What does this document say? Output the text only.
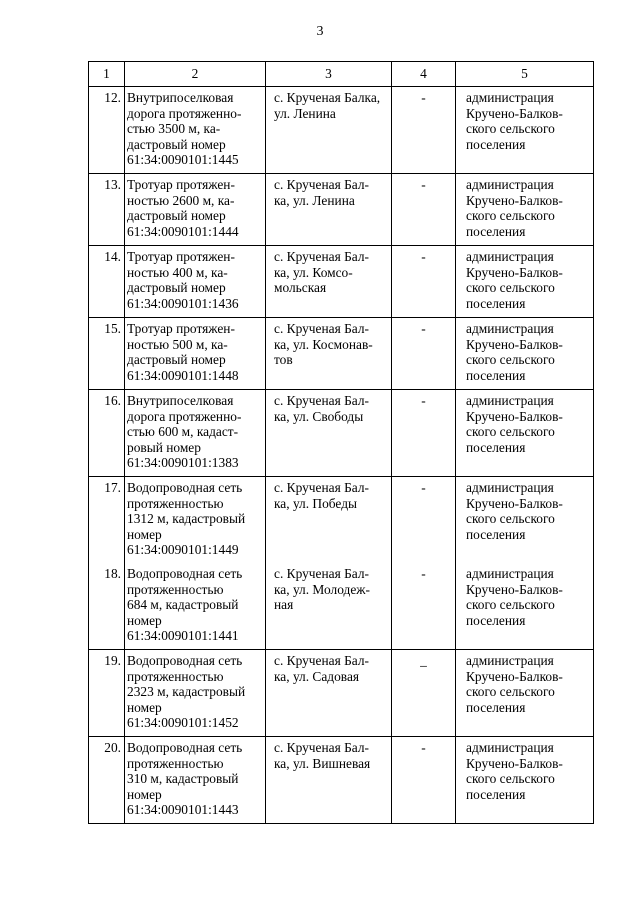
3
1	2	3	4	5
12.	Внутрипоселковая
дорога протяженно-
стью 3500 м, ка-
дастровый номер
61:34:0090101:1445	с. Крученая Балка,
ул. Ленина	-	администрация
Кручено-Балков-
ского сельского
поселения

13.	Тротуар протяжен-
ностью 2600 м, ка-
дастровый номер
61:34:0090101:1444	с. Крученая Бал-
ка, ул. Ленина	-	администрация
Кручено-Балков-
ского сельского
поселения

14.	Тротуар протяжен-
ностью 400 м, ка-
дастровый номер
61:34:0090101:1436	с. Крученая Бал-
ка, ул. Комсо-
мольская	-	администрация
Кручено-Балков-
ского сельского
поселения

15.	Тротуар протяжен-
ностью 500 м, ка-
дастровый номер
61:34:0090101:1448	с. Крученая Бал-
ка, ул. Космонав-
тов	-	администрация
Кручено-Балков-
ского сельского
поселения

16.	Внутрипоселковая
дорога протяженно-
стью 600 м, кадаст-
ровый номер
61:34:0090101:1383	с. Крученая Бал-
ка, ул. Свободы	-	администрация
Кручено-Балков-
ского сельского
поселения

17.	Водопроводная сеть
протяженностью
1312 м, кадастровый
номер
61:34:0090101:1449	с. Крученая Бал-
ка, ул. Победы	-	администрация
Кручено-Балков-
ского сельского
поселения

18.	Водопроводная сеть
протяженностью
684 м, кадастровый
номер
61:34:0090101:1441	с. Крученая Бал-
ка, ул. Молодеж-
ная	-	администрация
Кручено-Балков-
ского сельского
поселения

19.	Водопроводная сеть
протяженностью
2323 м, кадастровый
номер
61:34:0090101:1452	с. Крученая Бал-
ка, ул. Садовая	_	администрация
Кручено-Балков-
ского сельского
поселения

20.	Водопроводная сеть
протяженностью
310 м, кадастровый
номер
61:34:0090101:1443	с. Крученая Бал-
ка, ул. Вишневая	-	администрация
Кручено-Балков-
ского сельского
поселения
